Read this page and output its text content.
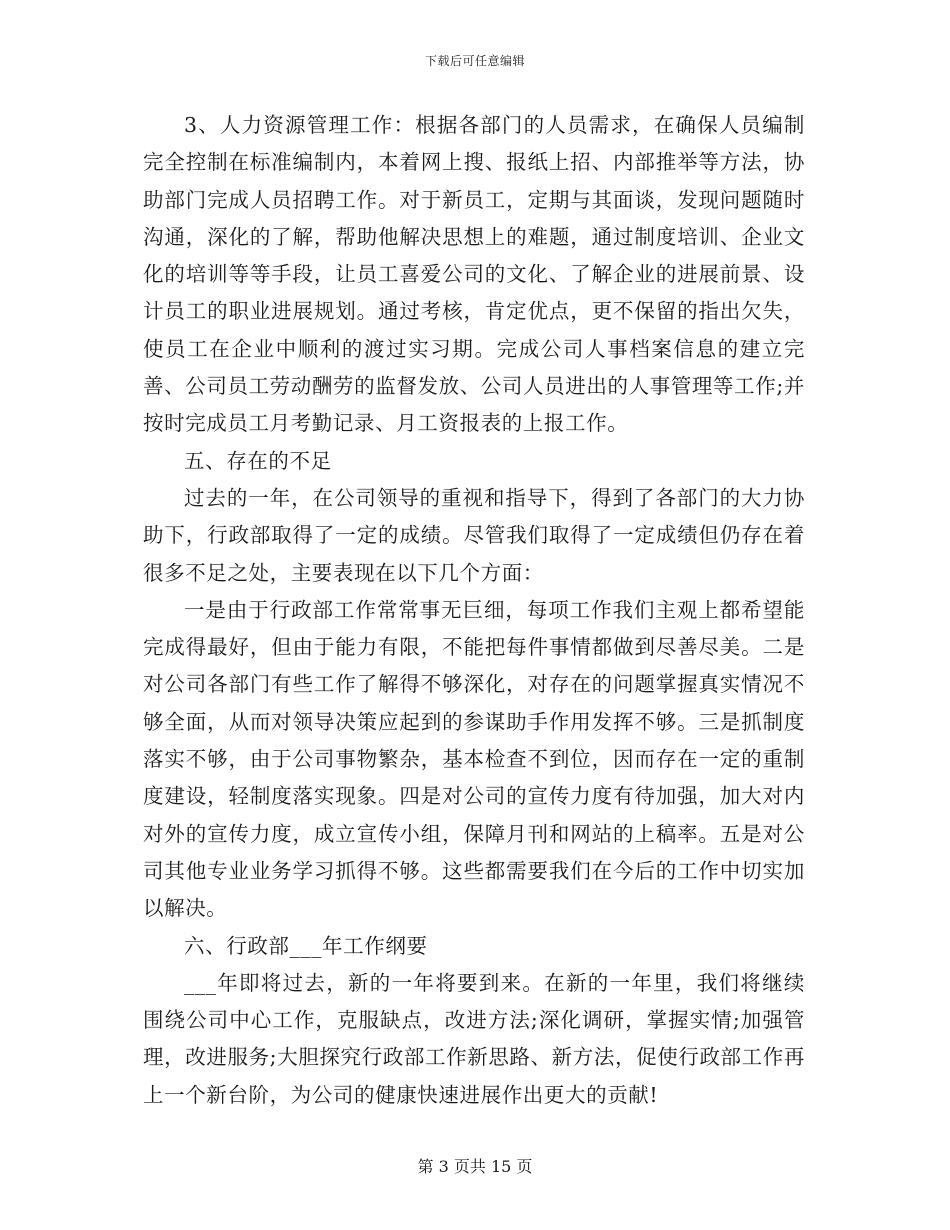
下载后可任意编辑

3、人力资源管理工作：根据各部门的人员需求，在确保人员编制完全控制在标准编制内，本着网上搜、报纸上招、内部推举等方法，协助部门完成人员招聘工作。对于新员工，定期与其面谈，发现问题随时沟通，深化的了解，帮助他解决思想上的难题，通过制度培训、企业文化的培训等等手段，让员工喜爱公司的文化、了解企业的进展前景、设计员工的职业进展规划。通过考核，肯定优点，更不保留的指出欠失，使员工在企业中顺利的渡过实习期。完成公司人事档案信息的建立完善、公司员工劳动酬劳的监督发放、公司人员进出的人事管理等工作;并按时完成员工月考勤记录、月工资报表的上报工作。

五、存在的不足

过去的一年，在公司领导的重视和指导下，得到了各部门的大力协助下，行政部取得了一定的成绩。尽管我们取得了一定成绩但仍存在着很多不足之处，主要表现在以下几个方面：

一是由于行政部工作常常事无巨细，每项工作我们主观上都希望能完成得最好，但由于能力有限，不能把每件事情都做到尽善尽美。二是对公司各部门有些工作了解得不够深化，对存在的问题掌握真实情况不够全面，从而对领导决策应起到的参谋助手作用发挥不够。三是抓制度落实不够，由于公司事物繁杂，基本检查不到位，因而存在一定的重制度建设，轻制度落实现象。四是对公司的宣传力度有待加强，加大对内对外的宣传力度，成立宣传小组，保障月刊和网站的上稿率。五是对公司其他专业业务学习抓得不够。这些都需要我们在今后的工作中切实加以解决。

六、行政部___年工作纲要

___年即将过去，新的一年将要到来。在新的一年里，我们将继续围绕公司中心工作，克服缺点，改进方法;深化调研，掌握实情;加强管理，改进服务;大胆探究行政部工作新思路、新方法，促使行政部工作再上一个新台阶，为公司的健康快速进展作出更大的贡献!

第 3 页共 15 页
